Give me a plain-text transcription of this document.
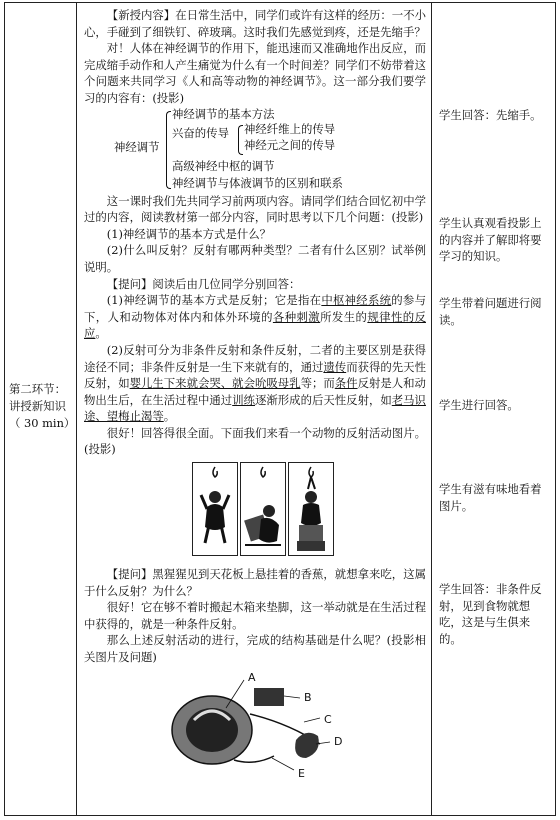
第二环节：讲授新知识（ 30 min）

【新授内容】在日常生活中，同学们或许有这样的经历：一不小心，手碰到了细铁钉、碎玻璃。这时我们先感觉到疼，还是先缩手？

对！人体在神经调节的作用下，能迅速而又准确地作出反应，而完成缩手动作和人产生痛觉为什么有一个时间差？同学们不妨带着这个问题来共同学习《人和高等动物的神经调节》。这一部分我们要学习的内容有：(投影)

神经调节
神经调节的基本方法
兴奋的传导 神经纤维上的传导
神经元之间的传导
高级神经中枢的调节
神经调节与体液调节的区别和联系

这一课时我们先共同学习前两项内容。请同学们结合回忆初中学过的内容，阅读教材第一部分内容，同时思考以下几个问题：(投影)

(1)神经调节的基本方式是什么？

(2)什么叫反射？反射有哪两种类型？二者有什么区别？试举例说明。

【提问】阅读后由几位同学分别回答：

(1)神经调节的基本方式是反射；它是指在中枢神经系统的参与下，人和动物体对体内和体外环境的各种刺激所发生的规律性的反应。

(2)反射可分为非条件反射和条件反射，二者的主要区别是获得途径不同；非条件反射是一生下来就有的，通过遗传而获得的先天性反射，如婴儿生下来就会哭、就会吮吸母乳等；而条件反射是人和动物出生后，在生活过程中通过训练逐渐形成的后天性反射，如老马识途、望梅止渴等。

很好！回答得很全面。下面我们来看一个动物的反射活动图片。(投影)

【提问】黑猩猩见到天花板上悬挂着的香蕉，就想拿来吃，这属于什么反射？为什么？

很好！它在够不着时搬起木箱来垫脚，这一举动就是在生活过程中获得的，就是一种条件反射。

那么上述反射活动的进行，完成的结构基础是什么呢？(投影相关图片及问题)

A
B
C
D
E
学生回答：先缩手。
学生认真观看投影上的内容并了解即将要学习的知识。
学生带着问题进行阅读。
学生进行回答。
学生有滋有味地看着图片。
学生回答：非条件反射，见到食物就想吃，这是与生俱来的。
